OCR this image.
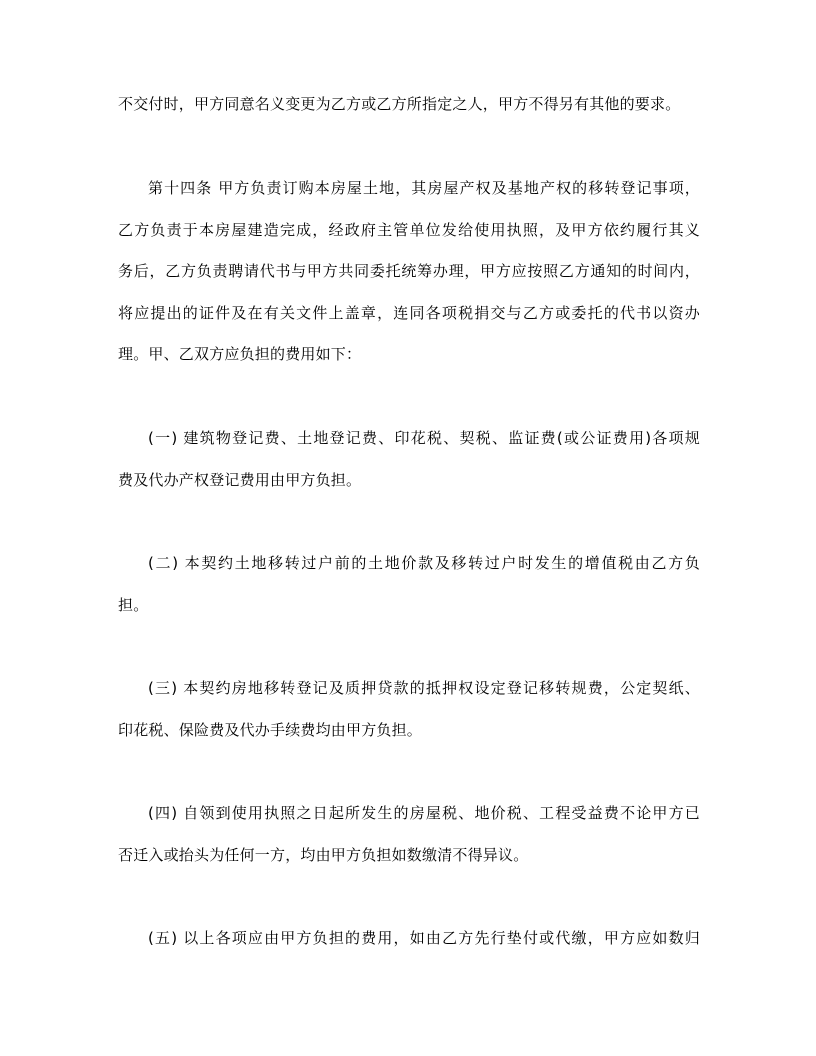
不交付时，甲方同意名义变更为乙方或乙方所指定之人，甲方不得另有其他的要求。

第十四条 甲方负责订购本房屋土地，其房屋产权及基地产权的移转登记事项，
乙方负责于本房屋建造完成，经政府主管单位发给使用执照，及甲方依约履行其义
务后，乙方负责聘请代书与甲方共同委托统筹办理，甲方应按照乙方通知的时间内，
将应提出的证件及在有关文件上盖章，连同各项税捐交与乙方或委托的代书以资办
理。甲、乙双方应负担的费用如下：

(一) 建筑物登记费、土地登记费、印花税、契税、监证费(或公证费用)各项规
费及代办产权登记费用由甲方负担。

(二) 本契约土地移转过户前的土地价款及移转过户时发生的增值税由乙方负
担。

(三) 本契约房地移转登记及质押贷款的抵押权设定登记移转规费，公定契纸、
印花税、保险费及代办手续费均由甲方负担。

(四) 自领到使用执照之日起所发生的房屋税、地价税、工程受益费不论甲方已
否迁入或抬头为任何一方，均由甲方负担如数缴清不得异议。

(五) 以上各项应由甲方负担的费用，如由乙方先行垫付或代缴，甲方应如数归
